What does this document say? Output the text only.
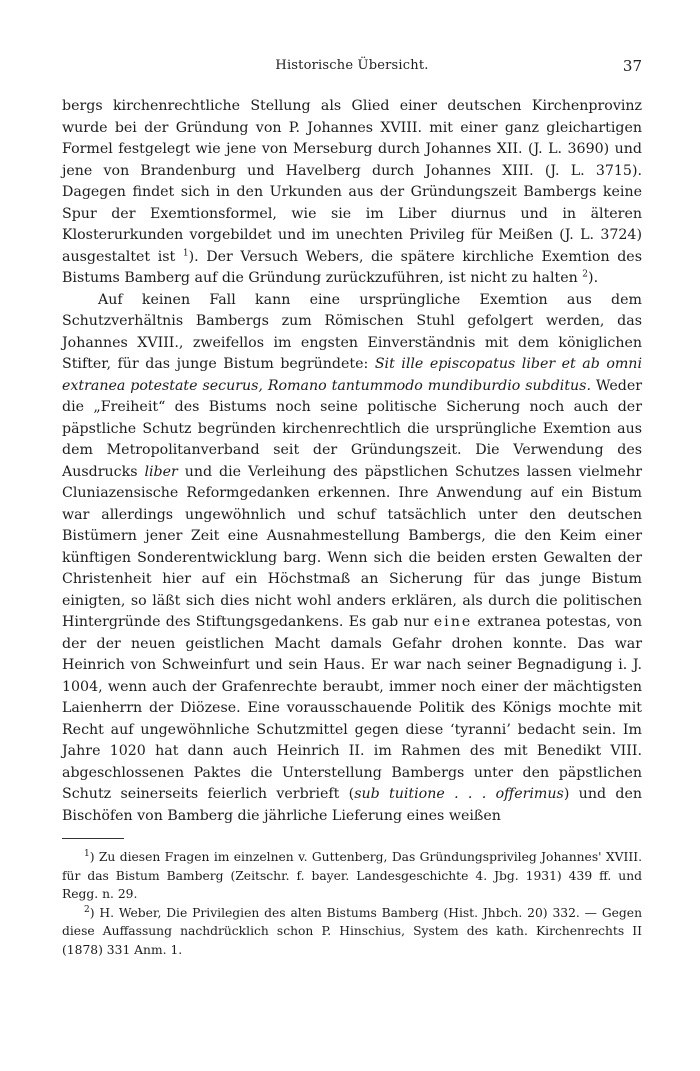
Historische Übersicht.	37

bergs kirchenrechtliche Stellung als Glied einer deutschen Kirchenprovinz wurde bei der Gründung von P. Johannes XVIII. mit einer ganz gleichartigen Formel festgelegt wie jene von Merseburg durch Johannes XII. (J. L. 3690) und jene von Brandenburg und Havelberg durch Johannes XIII. (J. L. 3715). Dagegen findet sich in den Urkunden aus der Gründungszeit Bambergs keine Spur der Exemtionsformel, wie sie im Liber diurnus und in älteren Klosterurkunden vorgebildet und im unechten Privileg für Meißen (J. L. 3724) ausgestaltet ist $^1$). Der Versuch Webers, die spätere kirchliche Exemtion des Bistums Bamberg auf die Gründung zurückzuführen, ist nicht zu halten $^2$).

Auf keinen Fall kann eine ursprüngliche Exemtion aus dem Schutzverhältnis Bambergs zum Römischen Stuhl gefolgert werden, das Johannes XVIII., zweifellos im engsten Einverständnis mit dem königlichen Stifter, für das junge Bistum begründete: Sit ille episcopatus liber et ab omni extranea potestate securus, Romano tantummodo mundiburdio subditus. Weder die „Freiheit“ des Bistums noch seine politische Sicherung noch auch der päpstliche Schutz begründen kirchenrechtlich die ursprüngliche Exemtion aus dem Metropolitanverband seit der Gründungszeit. Die Verwendung des Ausdrucks liber und die Verleihung des päpstlichen Schutzes lassen vielmehr Cluniazensische Reformgedanken erkennen. Ihre Anwendung auf ein Bistum war allerdings ungewöhnlich und schuf tatsächlich unter den deutschen Bistümern jener Zeit eine Ausnahmestellung Bambergs, die den Keim einer künftigen Sonderentwicklung barg. Wenn sich die beiden ersten Gewalten der Christenheit hier auf ein Höchstmaß an Sicherung für das junge Bistum einigten, so läßt sich dies nicht wohl anders erklären, als durch die politischen Hintergründe des Stiftungsgedankens. Es gab nur eine extranea potestas, von der der neuen geistlichen Macht damals Gefahr drohen konnte. Das war Heinrich von Schweinfurt und sein Haus. Er war nach seiner Begnadigung i. J. 1004, wenn auch der Grafenrechte beraubt, immer noch einer der mächtigsten Laienherrn der Diözese. Eine vorausschauende Politik des Königs mochte mit Recht auf ungewöhnliche Schutzmittel gegen diese ‘tyranni’ bedacht sein. Im Jahre 1020 hat dann auch Heinrich II. im Rahmen des mit Benedikt VIII. abgeschlossenen Paktes die Unterstellung Bambergs unter den päpstlichen Schutz seinerseits feierlich verbrieft (sub tuitione . . . offerimus) und den Bischöfen von Bamberg die jährliche Lieferung eines weißen

$^1$) Zu diesen Fragen im einzelnen v. Guttenberg, Das Gründungsprivileg Johannes' XVIII. für das Bistum Bamberg (Zeitschr. f. bayer. Landesgeschichte 4. Jbg. 1931) 439 ff. und Regg. n. 29.

$^2$) H. Weber, Die Privilegien des alten Bistums Bamberg (Hist. Jhbch. 20) 332. — Gegen diese Auffassung nachdrücklich schon P. Hinschius, System des kath. Kirchenrechts II (1878) 331 Anm. 1.
